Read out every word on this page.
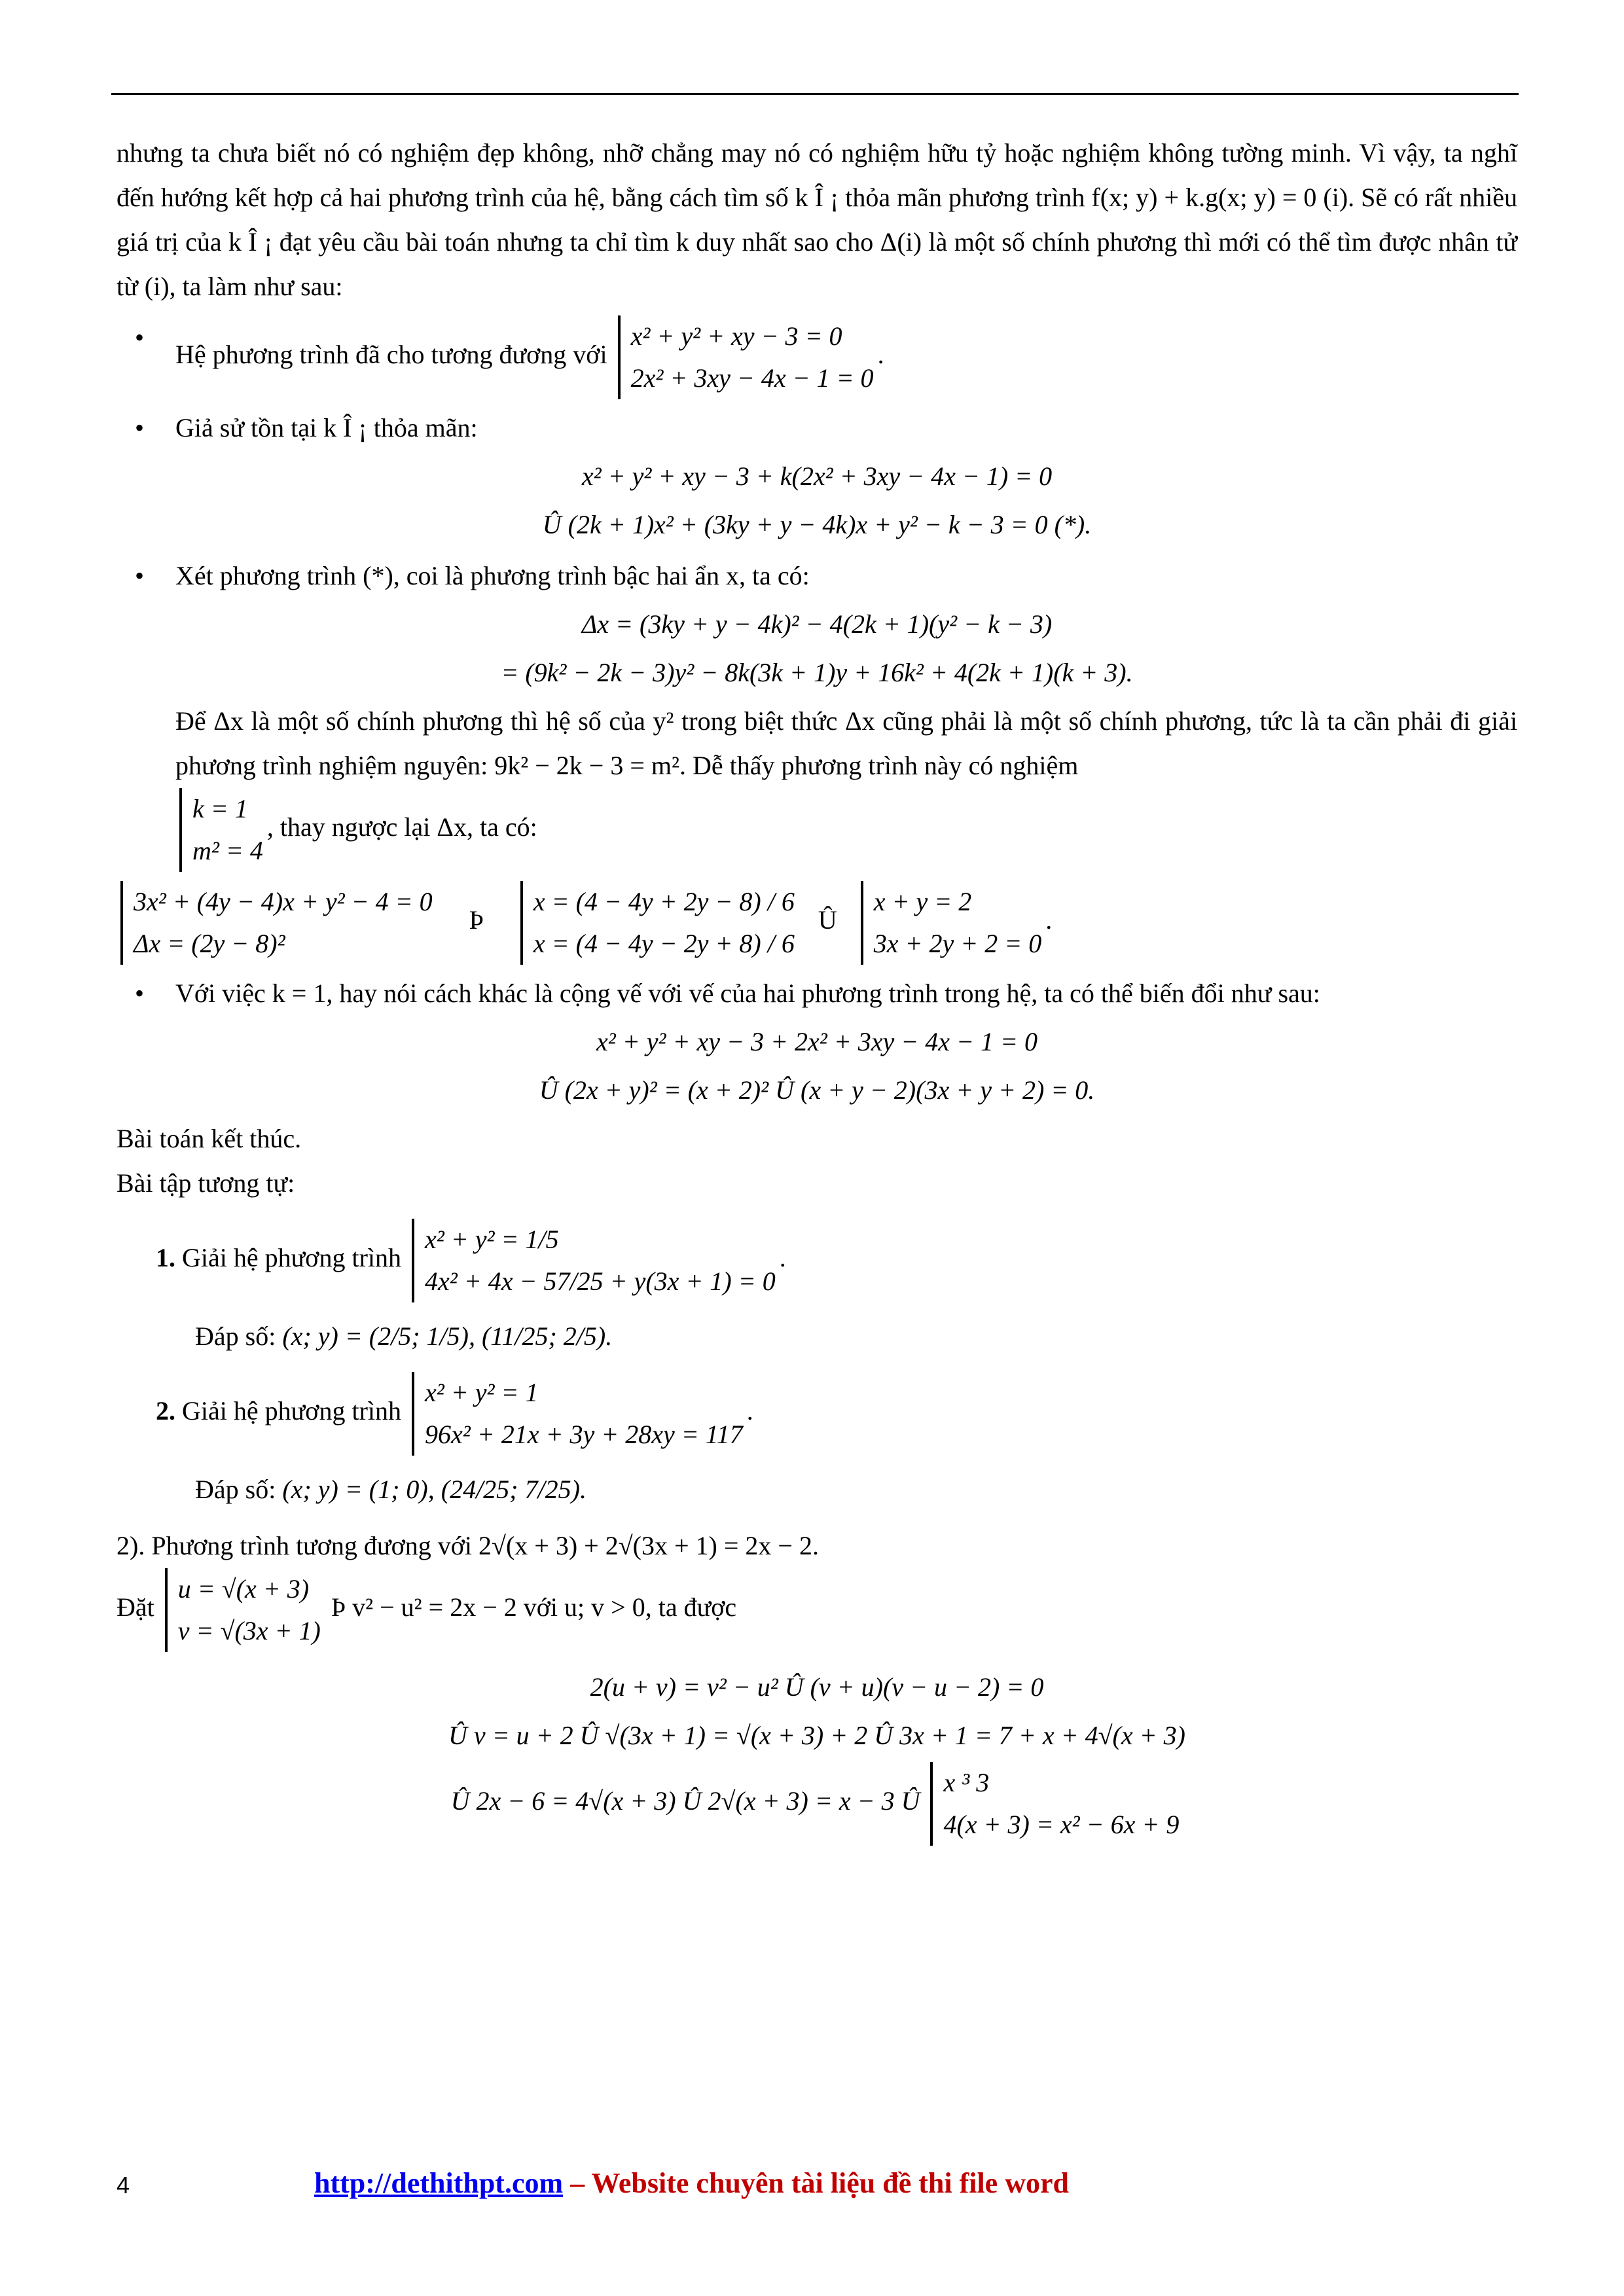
nhưng ta chưa biết nó có nghiệm đẹp không, nhỡ chẳng may nó có nghiệm hữu tỷ hoặc nghiệm không tường minh. Vì vậy, ta nghĩ đến hướng kết hợp cả hai phương trình của hệ, bằng cách tìm số k Î ¡ thỏa mãn phương trình f(x; y) + k.g(x; y) = 0 (i). Sẽ có rất nhiều giá trị của k Î ¡ đạt yêu cầu bài toán nhưng ta chỉ tìm k duy nhất sao cho Δ(i) là một số chính phương thì mới có thể tìm được nhân tử từ (i), ta làm như sau:

• Hệ phương trình đã cho tương đương với
x² + y² + xy − 3 = 0
2x² + 3xy − 4x − 1 = 0
.
• Giả sử tồn tại k Î ¡ thỏa mãn:
x² + y² + xy − 3 + k(2x² + 3xy − 4x − 1) = 0
Û (2k + 1)x² + (3ky + y − 4k)x + y² − k − 3 = 0 (*).
• Xét phương trình (*), coi là phương trình bậc hai ẩn x, ta có:
Δx = (3ky + y − 4k)² − 4(2k + 1)(y² − k − 3)
= (9k² − 2k − 3)y² − 8k(3k + 1)y + 16k² + 4(2k + 1)(k + 3).

Để Δx là một số chính phương thì hệ số của y² trong biệt thức Δx cũng phải là một số chính phương, tức là ta cần phải đi giải phương trình nghiệm nguyên: 9k² − 2k − 3 = m². Dễ thấy phương trình này có nghiệm

k = 1
m² = 4
, thay ngược lại Δx, ta có:
3x² + (4y − 4)x + y² − 4 = 0
Δx = (2y − 8)²
Þ
x = (4 − 4y + 2y − 8) / 6
x = (4 − 4y − 2y + 8) / 6
Û
x + y = 2
3x + 2y + 2 = 0
.
• Với việc k = 1, hay nói cách khác là cộng vế với vế của hai phương trình trong hệ, ta có thể biến đổi như sau:
x² + y² + xy − 3 + 2x² + 3xy − 4x − 1 = 0
Û (2x + y)² = (x + 2)² Û (x + y − 2)(3x + y + 2) = 0.
Bài toán kết thúc.
Bài tập tương tự:
1. Giải hệ phương trình
x² + y² = 1/5
4x² + 4x − 57/25 + y(3x + 1) = 0
.
Đáp số: (x; y) = (2/5; 1/5), (11/25; 2/5).
2. Giải hệ phương trình
x² + y² = 1
96x² + 21x + 3y + 28xy = 117
.
Đáp số: (x; y) = (1; 0), (24/25; 7/25).

2). Phương trình tương đương với 2√(x + 3) + 2√(3x + 1) = 2x − 2.

Đặt
u = √(x + 3)
v = √(3x + 1)
Þ v² − u² = 2x − 2 với u; v > 0, ta được
2(u + v) = v² − u² Û (v + u)(v − u − 2) = 0
Û v = u + 2 Û √(3x + 1) = √(x + 3) + 2 Û 3x + 1 = 7 + x + 4√(x + 3)
Û 2x − 6 = 4√(x + 3) Û 2√(x + 3) = x − 3 Û
x ³ 3
4(x + 3) = x² − 6x + 9
4	http://dethithpt.com – Website chuyên tài liệu đề thi file word
